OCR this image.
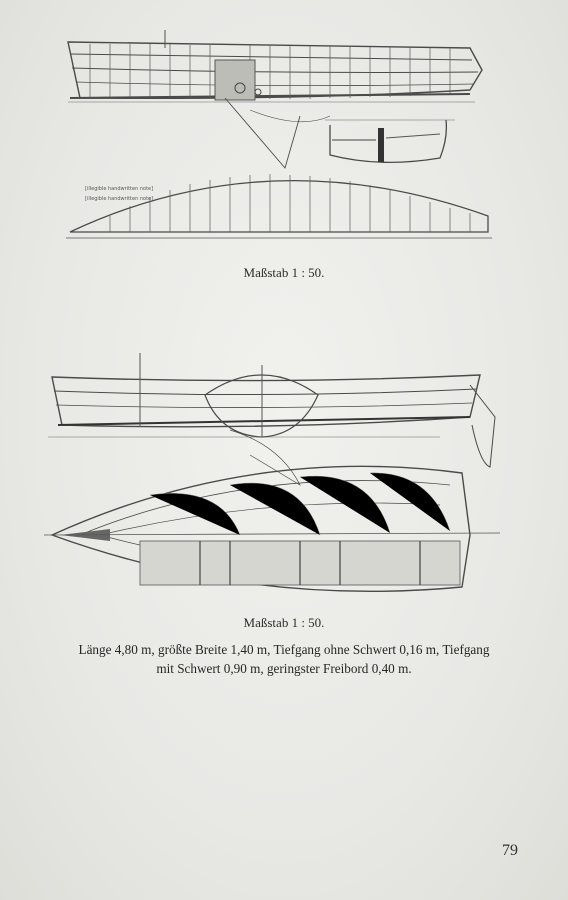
[illegible handwritten note]
[illegible handwritten note]
Maßstab 1 : 50.
Maßstab 1 : 50.
Länge 4,80 m, größte Breite 1,40 m, Tiefgang ohne Schwert 0,16 m, Tiefgang
mit Schwert 0,90 m, geringster Freibord 0,40 m.
79
